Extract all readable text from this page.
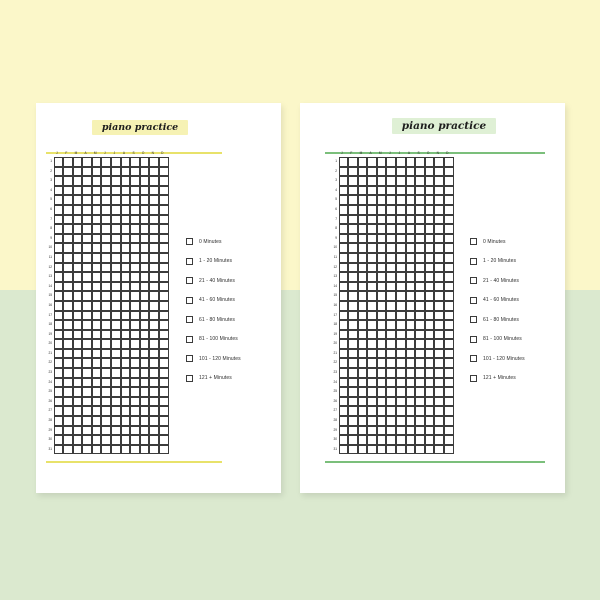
piano practice
J	F	M	A	M	J	J	A	S	O	N	D
1
2
3
4
5
6
7
8
9
10
11
12
13
14
15
16
17
18
19
20
21
22
23
24
25
26
27
28
29
30
31
0 Minutes
1 - 20 Minutes
21 - 40 Minutes
41 - 60 Minutes
61 - 80 Minutes
81 - 100 Minutes
101 - 120 Minutes
121 + Minutes
piano practice
J	F	M	A	M	J	J	A	S	O	N	D
1
2
3
4
5
6
7
8
9
10
11
12
13
14
15
16
17
18
19
20
21
22
23
24
25
26
27
28
29
30
31
0 Minutes
1 - 20 Minutes
21 - 40 Minutes
41 - 60 Minutes
61 - 80 Minutes
81 - 100 Minutes
101 - 120 Minutes
121 + Minutes
